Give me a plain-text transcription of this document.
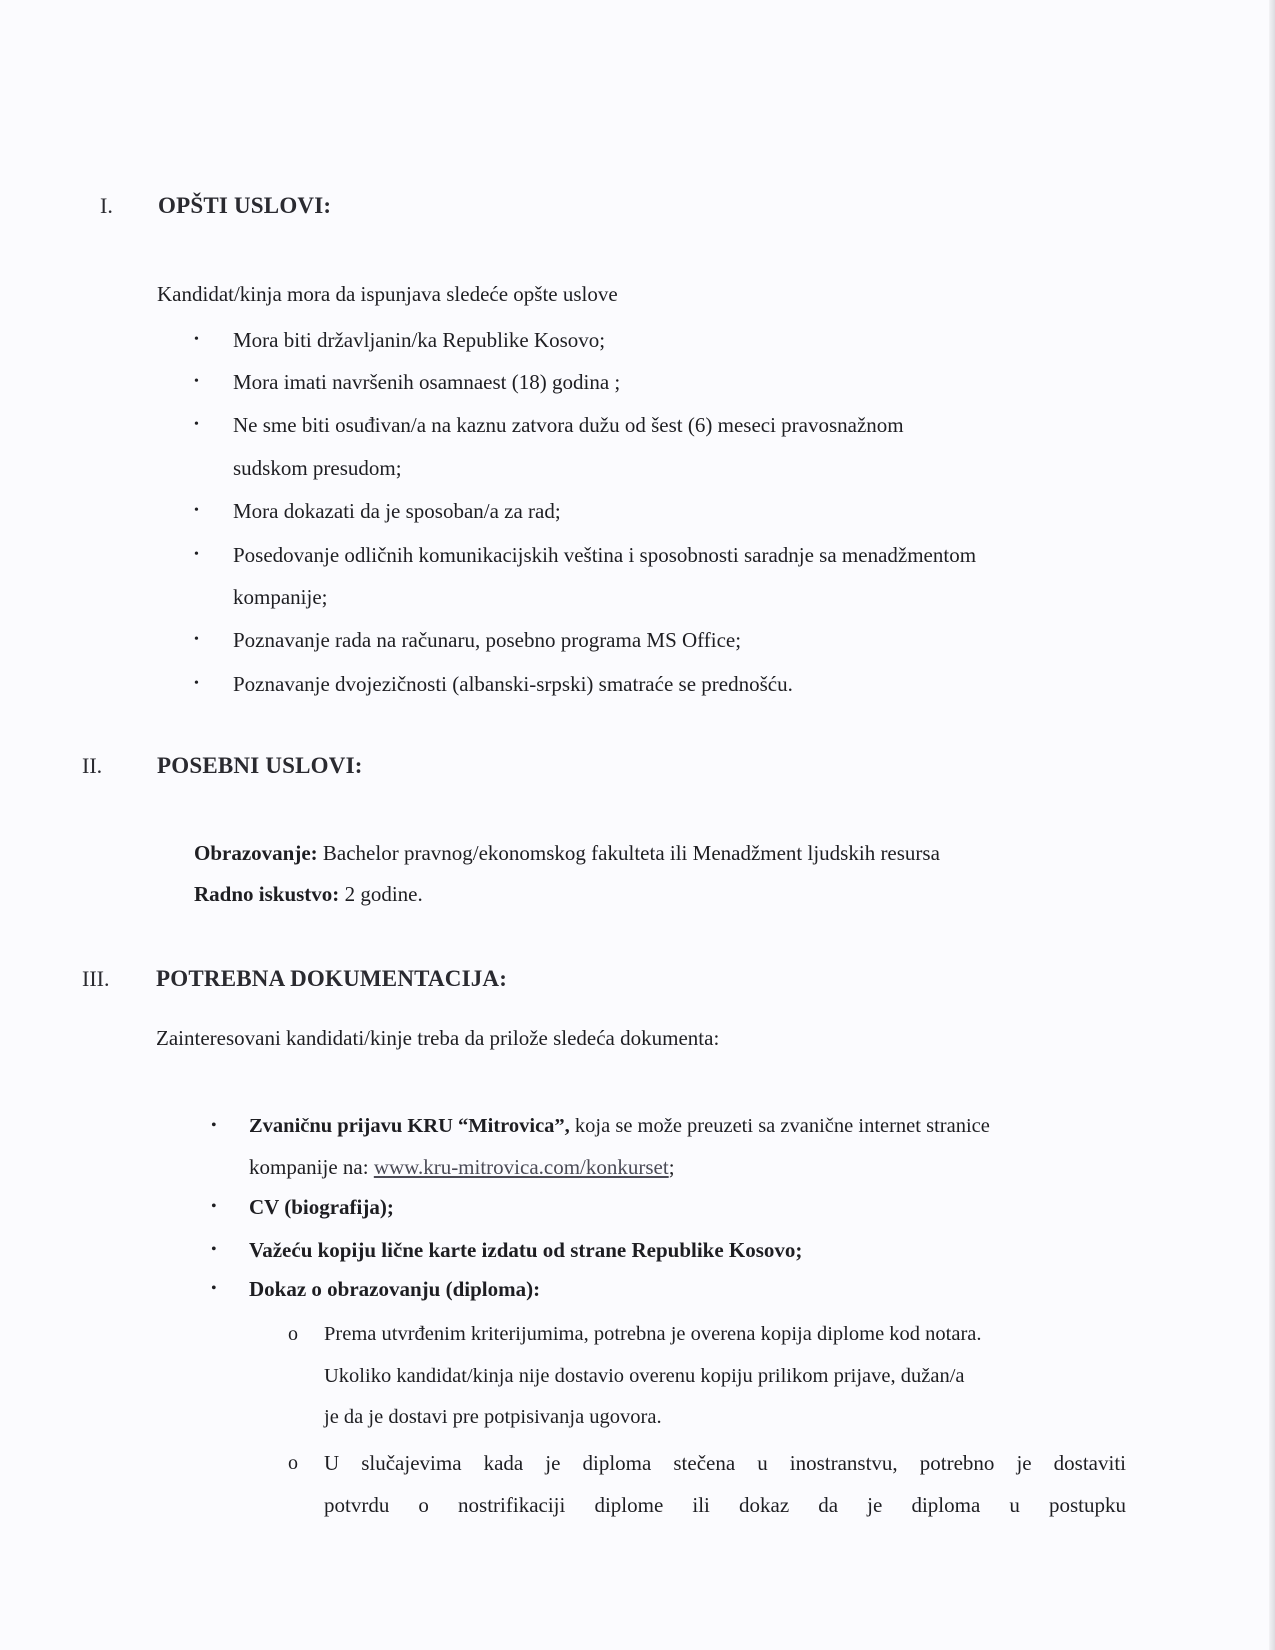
I. OPŠTI USLOVI:
Kandidat/kinja mora da ispunjava sledeće opšte uslove
• Mora biti državljanin/ka Republike Kosovo;
• Mora imati navršenih osamnaest (18) godina ;
• Ne sme biti osuđivan/a na kaznu zatvora dužu od šest (6) meseci pravosnažnom
sudskom presudom;
• Mora dokazati da je sposoban/a za rad;
• Posedovanje odličnih komunikacijskih veština i sposobnosti saradnje sa menadžmentom
kompanije;
• Poznavanje rada na računaru, posebno programa MS Office;
• Poznavanje dvojezičnosti (albanski-srpski) smatraće se prednošću.
II. POSEBNI USLOVI:
Obrazovanje: Bachelor pravnog/ekonomskog fakulteta ili Menadžment ljudskih resursa
Radno iskustvo: 2 godine.
III. POTREBNA DOKUMENTACIJA:
Zainteresovani kandidati/kinje treba da prilože sledeća dokumenta:
• Zvaničnu prijavu KRU “Mitrovica”, koja se može preuzeti sa zvanične internet stranice
kompanije na: www.kru-mitrovica.com/konkurset;
• CV (biografija);
• Važeću kopiju lične karte izdatu od strane Republike Kosovo;
• Dokaz o obrazovanju (diploma):
o Prema utvrđenim kriterijumima, potrebna je overena kopija diplome kod notara.
Ukoliko kandidat/kinja nije dostavio overenu kopiju prilikom prijave, dužan/a
je da je dostavi pre potpisivanja ugovora.
o U slučajevima kada je diploma stečena u inostranstvu, potrebno je dostaviti
potvrdu o nostrifikaciji diplome ili dokaz da je diploma u postupku
